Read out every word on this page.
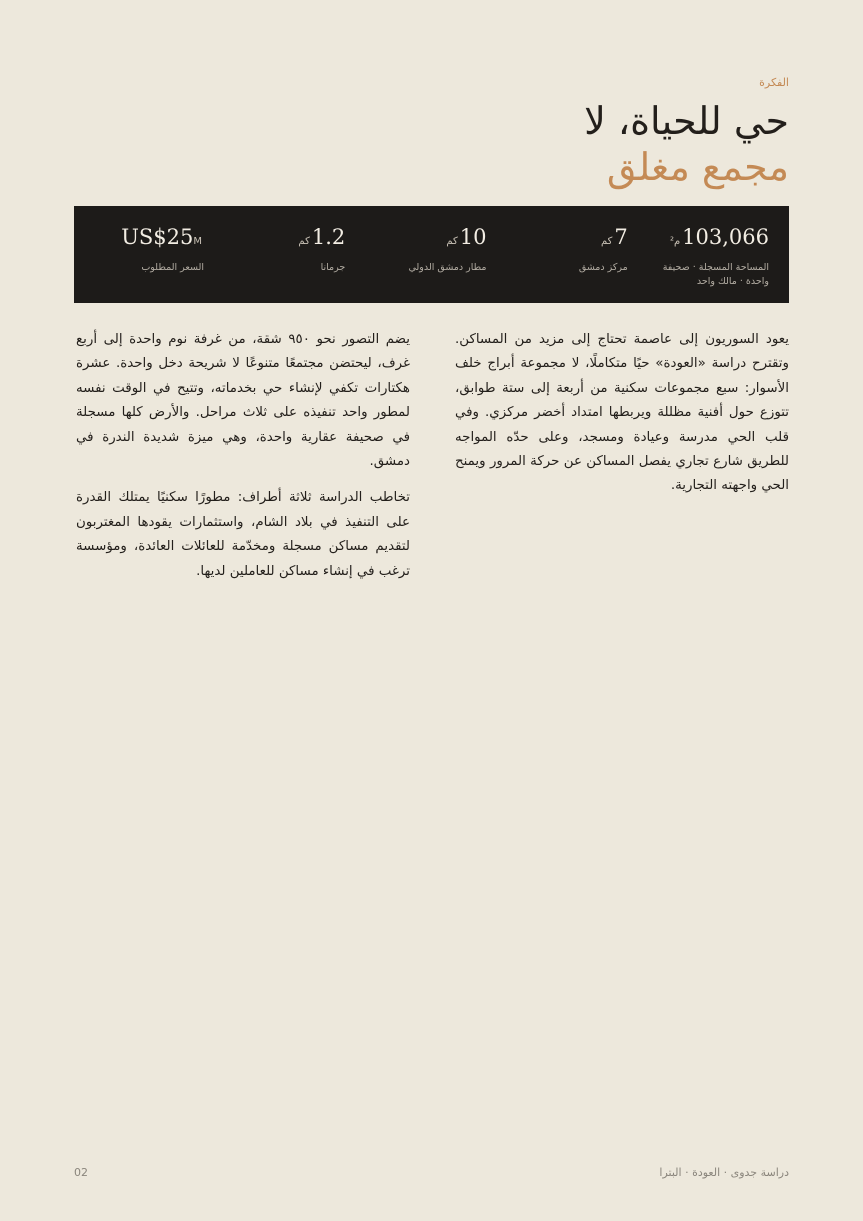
الفكرة
حي للحياة، لا
مجمع مغلق
103,066م²
المساحة المسجلة · صحيفة واحدة · مالك واحد
7كم
مركز دمشق
10كم
مطار دمشق الدولي
1.2كم
جرمانا
US$25M
السعر المطلوب

يعود السوريون إلى عاصمة تحتاج إلى مزيد من المساكن. وتقترح دراسة «العودة» حيًا متكاملًا، لا مجموعة أبراج خلف الأسوار: سبع مجموعات سكنية من أربعة إلى ستة طوابق، تتوزع حول أفنية مظللة ويربطها امتداد أخضر مركزي. وفي قلب الحي مدرسة وعيادة ومسجد، وعلى حدّه المواجه للطريق شارع تجاري يفصل المساكن عن حركة المرور ويمنح الحي واجهته التجارية.

يضم التصور نحو ٩٥٠ شقة، من غرفة نوم واحدة إلى أربع غرف، ليحتضن مجتمعًا متنوعًا لا شريحة دخل واحدة. عشرة هكتارات تكفي لإنشاء حي بخدماته، وتتيح في الوقت نفسه لمطور واحد تنفيذه على ثلاث مراحل. والأرض كلها مسجلة في صحيفة عقارية واحدة، وهي ميزة شديدة الندرة في دمشق.

تخاطب الدراسة ثلاثة أطراف: مطورًا سكنيًا يمتلك القدرة على التنفيذ في بلاد الشام، واستثمارات يقودها المغتربون لتقديم مساكن مسجلة ومخدّمة للعائلات العائدة، ومؤسسة ترغب في إنشاء مساكن للعاملين لديها.

دراسة جدوى · العودة · البترا
02
